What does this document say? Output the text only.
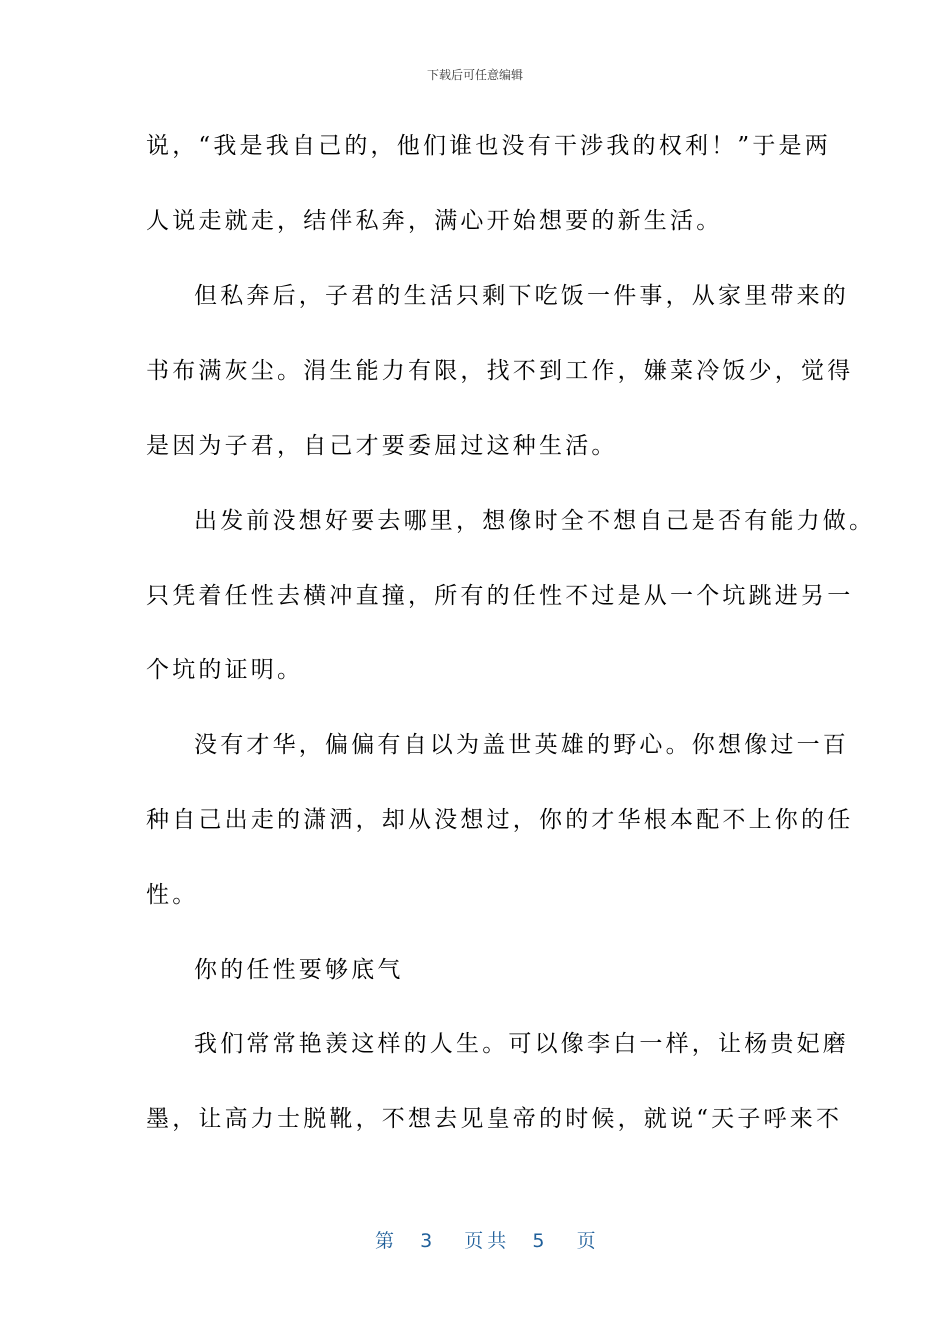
下载后可任意编辑
说，“我是我自己的，他们谁也没有干涉我的权利！”于是两
人说走就走，结伴私奔，满心开始想要的新生活。
但私奔后，子君的生活只剩下吃饭一件事，从家里带来的
书布满灰尘。涓生能力有限，找不到工作，嫌菜冷饭少，觉得
是因为子君，自己才要委屈过这种生活。
出发前没想好要去哪里，想像时全不想自己是否有能力做。
只凭着任性去横冲直撞，所有的任性不过是从一个坑跳进另一
个坑的证明。
没有才华，偏偏有自以为盖世英雄的野心。你想像过一百
种自己出走的潇洒，却从没想过，你的才华根本配不上你的任
性。
你的任性要够底气
我们常常艳羡这样的人生。可以像李白一样，让杨贵妃磨
墨，让高力士脱靴，不想去见皇帝的时候，就说“天子呼来不
第 3 页共 5 页
